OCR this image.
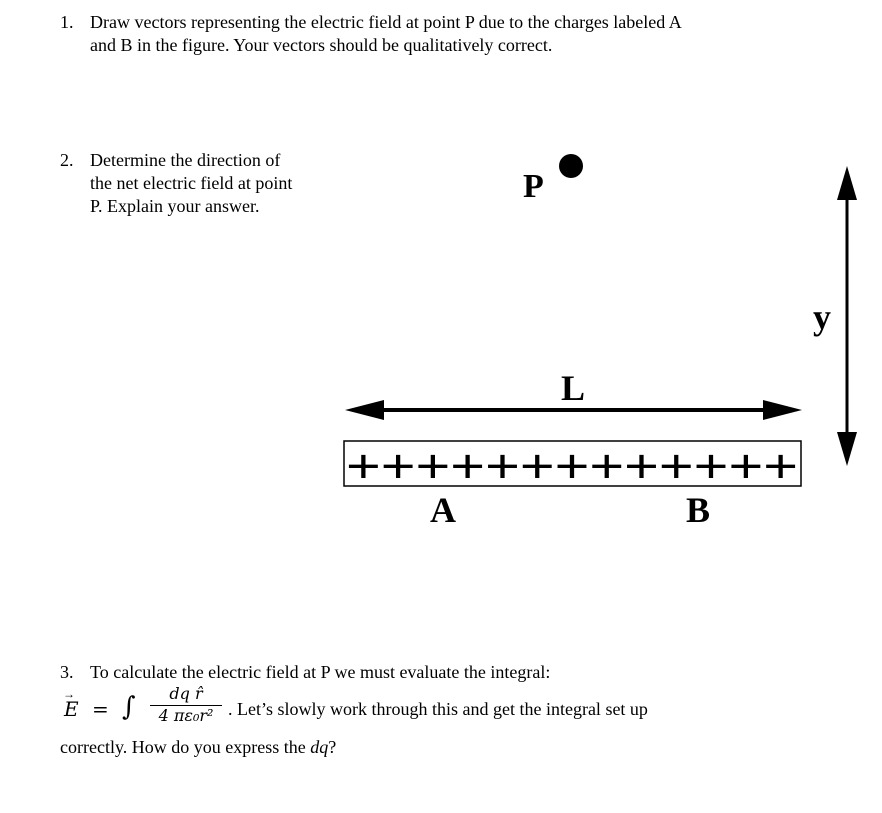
1. Draw vectors representing the electric field at point P due to the charges labeled A
and B in the figure. Your vectors should be qualitatively correct.
2. Determine the direction of
the net electric field at point
P. Explain your answer.
+++++++++++++
P
L
A	B
y
3. To calculate the electric field at P we must evaluate the integral:
→
E = ∫	dq r̂
4 πε₀r² . Let’s slowly work through this and get the integral set up
correctly. How do you express the dq?
